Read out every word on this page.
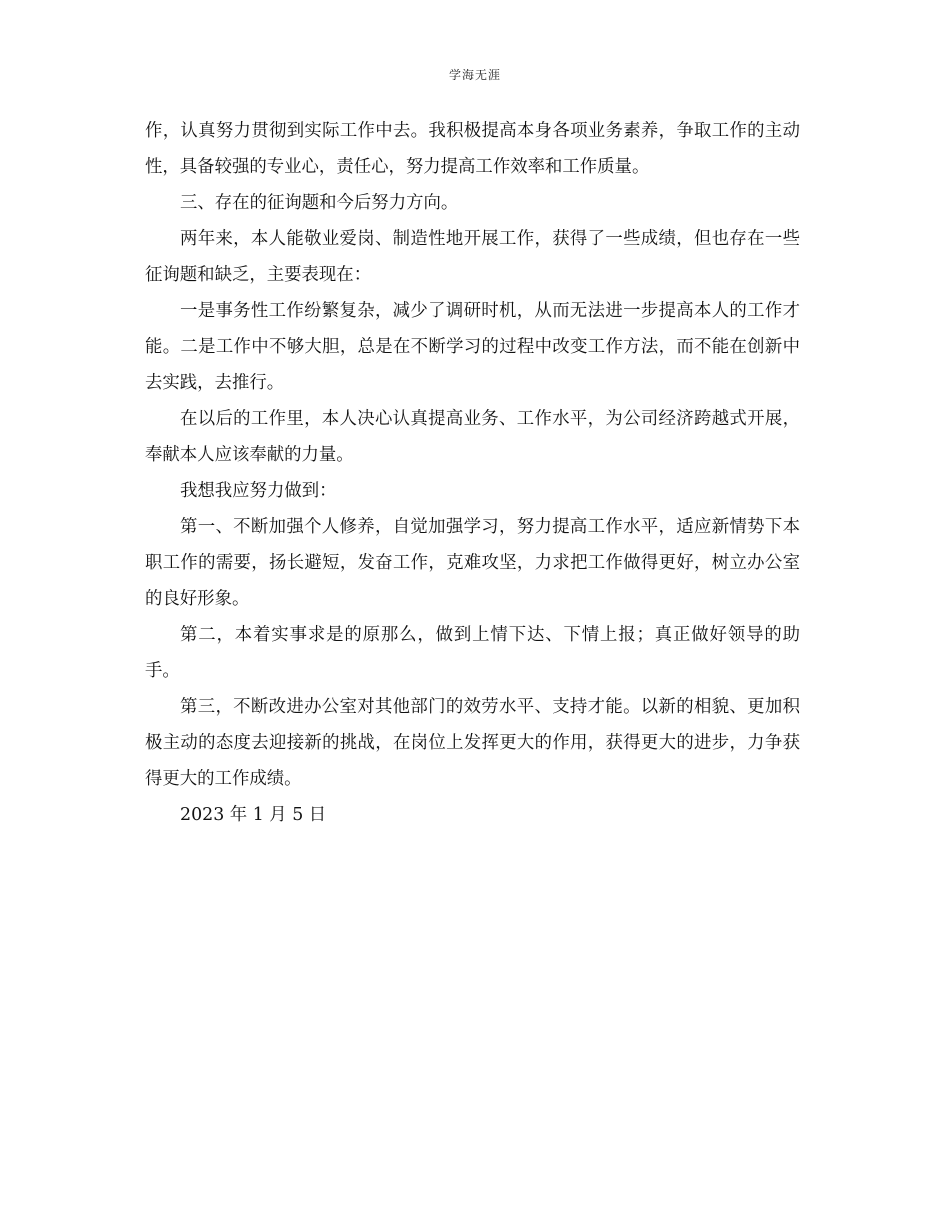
学海无涯

作，认真努力贯彻到实际工作中去。我积极提高本身各项业务素养，争取工作的主动性，具备较强的专业心，责任心，努力提高工作效率和工作质量。

三、存在的征询题和今后努力方向。

两年来，本人能敬业爱岗、制造性地开展工作，获得了一些成绩，但也存在一些征询题和缺乏，主要表现在：

一是事务性工作纷繁复杂，减少了调研时机，从而无法进一步提高本人的工作才能。二是工作中不够大胆，总是在不断学习的过程中改变工作方法，而不能在创新中去实践，去推行。

在以后的工作里，本人决心认真提高业务、工作水平，为公司经济跨越式开展，奉献本人应该奉献的力量。

我想我应努力做到：

第一、不断加强个人修养，自觉加强学习，努力提高工作水平，适应新情势下本职工作的需要，扬长避短，发奋工作，克难攻坚，力求把工作做得更好，树立办公室的良好形象。

第二，本着实事求是的原那么，做到上情下达、下情上报；真正做好领导的助手。

第三，不断改进办公室对其他部门的效劳水平、支持才能。以新的相貌、更加积极主动的态度去迎接新的挑战，在岗位上发挥更大的作用，获得更大的进步，力争获得更大的工作成绩。

2023 年 1 月 5 日
